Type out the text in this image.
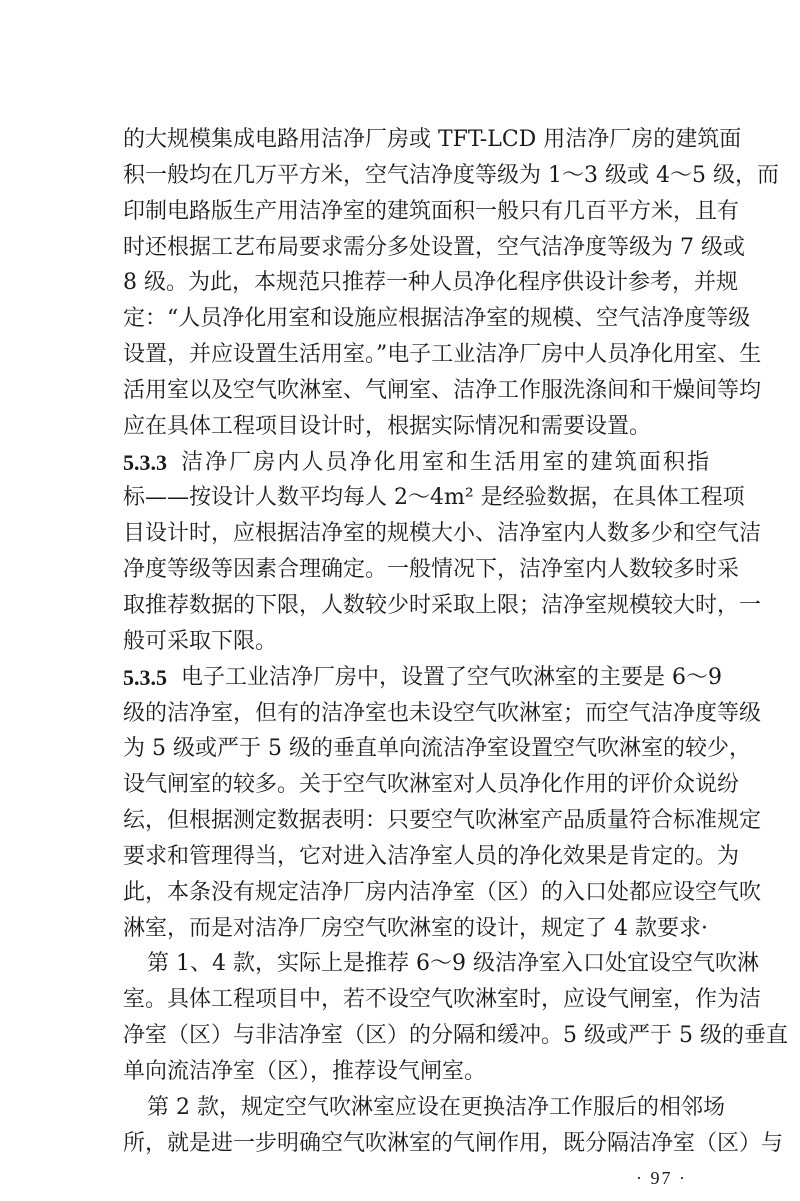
的大规模集成电路用洁净厂房或 TFT-LCD 用洁净厂房的建筑面
积一般均在几万平方米，空气洁净度等级为 1～3 级或 4～5 级，而
印制电路版生产用洁净室的建筑面积一般只有几百平方米，且有
时还根据工艺布局要求需分多处设置，空气洁净度等级为 7 级或
8 级。为此，本规范只推荐一种人员净化程序供设计参考，并规
定：“人员净化用室和设施应根据洁净室的规模、空气洁净度等级
设置，并应设置生活用室。”电子工业洁净厂房中人员净化用室、生
活用室以及空气吹淋室、气闸室、洁净工作服洗涤间和干燥间等均
应在具体工程项目设计时，根据实际情况和需要设置。
5.3.3 洁净厂房内人员净化用室和生活用室的建筑面积指
标——按设计人数平均每人 2～4m² 是经验数据，在具体工程项
目设计时，应根据洁净室的规模大小、洁净室内人数多少和空气洁
净度等级等因素合理确定。一般情况下，洁净室内人数较多时采
取推荐数据的下限，人数较少时采取上限；洁净室规模较大时，一
般可采取下限。
5.3.5 电子工业洁净厂房中，设置了空气吹淋室的主要是 6～9
级的洁净室，但有的洁净室也未设空气吹淋室；而空气洁净度等级
为 5 级或严于 5 级的垂直单向流洁净室设置空气吹淋室的较少，
设气闸室的较多。关于空气吹淋室对人员净化作用的评价众说纷
纭，但根据测定数据表明：只要空气吹淋室产品质量符合标准规定
要求和管理得当，它对进入洁净室人员的净化效果是肯定的。为
此，本条没有规定洁净厂房内洁净室（区）的入口处都应设空气吹
淋室，而是对洁净厂房空气吹淋室的设计，规定了 4 款要求·
第 1、4 款，实际上是推荐 6～9 级洁净室入口处宜设空气吹淋
室。具体工程项目中，若不设空气吹淋室时，应设气闸室，作为洁
净室（区）与非洁净室（区）的分隔和缓冲。5 级或严于 5 级的垂直
单向流洁净室（区），推荐设气闸室。
第 2 款，规定空气吹淋室应设在更换洁净工作服后的相邻场
所，就是进一步明确空气吹淋室的气闸作用，既分隔洁净室（区）与
· 97 ·
